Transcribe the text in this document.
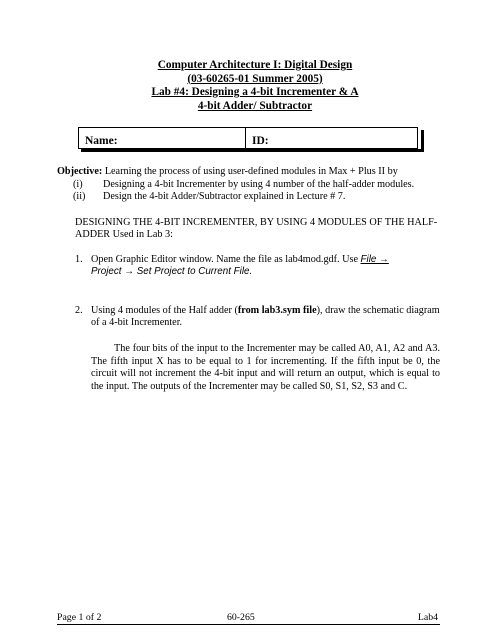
Computer Architecture I: Digital Design
(03-60265-01 Summer 2005)
Lab #4: Designing a 4-bit Incrementer & A
4-bit Adder/ Subtractor
Name:	ID:
Objective: Learning the process of using user-defined modules in Max + Plus II by
(i) Designing a 4-bit Incrementer by using 4 number of the half-adder modules.
(ii) Design the 4-bit Adder/Subtractor explained in Lecture # 7.
DESIGNING THE 4-BIT INCREMENTER, BY USING 4 MODULES OF THE HALF-
ADDER Used in Lab 3:
1. Open Graphic Editor window. Name the file as lab4mod.gdf. Use File →
Project → Set Project to Current File.
2. Using 4 modules of the Half adder (from lab3.sym file), draw the schematic diagram
of a 4-bit Incrementer.
The four bits of the input to the Incrementer may be called A0, A1, A2 and A3.
The fifth input X has to be equal to 1 for incrementing. If the fifth input be 0, the
circuit will not increment the 4-bit input and will return an output, which is equal to
the input. The outputs of the Incrementer may be called S0, S1, S2, S3 and C.
Page 1 of 2	60-265	Lab4
